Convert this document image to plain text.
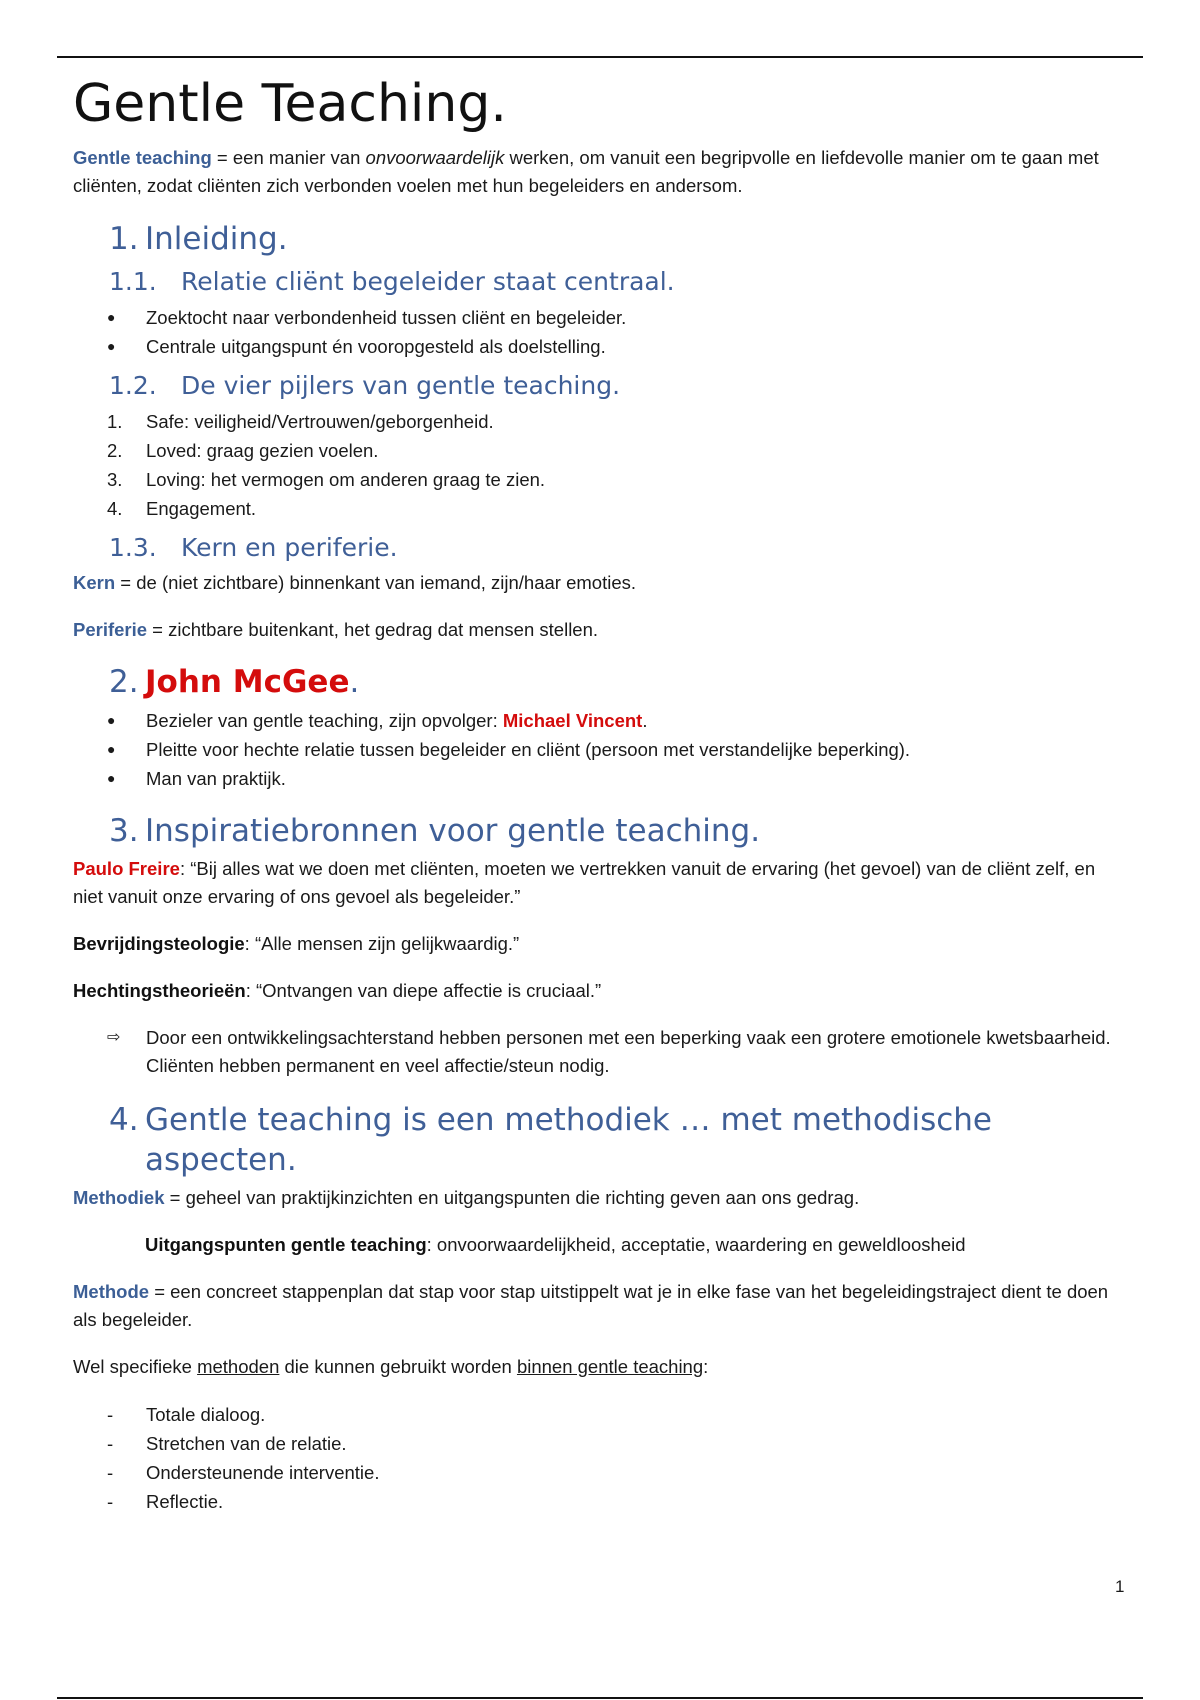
Gentle Teaching.

Gentle teaching = een manier van onvoorwaardelijk werken, om vanuit een begripvolle en liefdevolle manier om te gaan met cliënten, zodat cliënten zich verbonden voelen met hun begeleiders en andersom.

1. Inleiding.
1.1. Relatie cliënt begeleider staat centraal.
●	Zoektocht naar verbondenheid tussen cliënt en begeleider.
●	Centrale uitgangspunt én vooropgesteld als doelstelling.
1.2. De vier pijlers van gentle teaching.
1.	Safe: veiligheid/Vertrouwen/geborgenheid.
2.	Loved: graag gezien voelen.
3.	Loving: het vermogen om anderen graag te zien.
4.	Engagement.
1.3. Kern en periferie.

Kern = de (niet zichtbare) binnenkant van iemand, zijn/haar emoties.

Periferie = zichtbare buitenkant, het gedrag dat mensen stellen.

2. John McGee.
●	Bezieler van gentle teaching, zijn opvolger: Michael Vincent.
●	Pleitte voor hechte relatie tussen begeleider en cliënt (persoon met verstandelijke beperking).
●	Man van praktijk.
3. Inspiratiebronnen voor gentle teaching.

Paulo Freire: “Bij alles wat we doen met cliënten, moeten we vertrekken vanuit de ervaring (het gevoel) van de cliënt zelf, en niet vanuit onze ervaring of ons gevoel als begeleider.”

Bevrijdingsteologie: “Alle mensen zijn gelijkwaardig.”

Hechtingstheorieën: “Ontvangen van diepe affectie is cruciaal.”

⇨	Door een ontwikkelingsachterstand hebben personen met een beperking vaak een grotere emotionele kwetsbaarheid. Cliënten hebben permanent en veel affectie/steun nodig.
4. Gentle teaching is een methodiek … met methodische aspecten.

Methodiek = geheel van praktijkinzichten en uitgangspunten die richting geven aan ons gedrag.

Uitgangspunten gentle teaching: onvoorwaardelijkheid, acceptatie, waardering en geweldloosheid

Methode = een concreet stappenplan dat stap voor stap uitstippelt wat je in elke fase van het begeleidingstraject dient te doen als begeleider.

Wel specifieke methoden die kunnen gebruikt worden binnen gentle teaching:

-	Totale dialoog.
-	Stretchen van de relatie.
-	Ondersteunende interventie.
-	Reflectie.
1
